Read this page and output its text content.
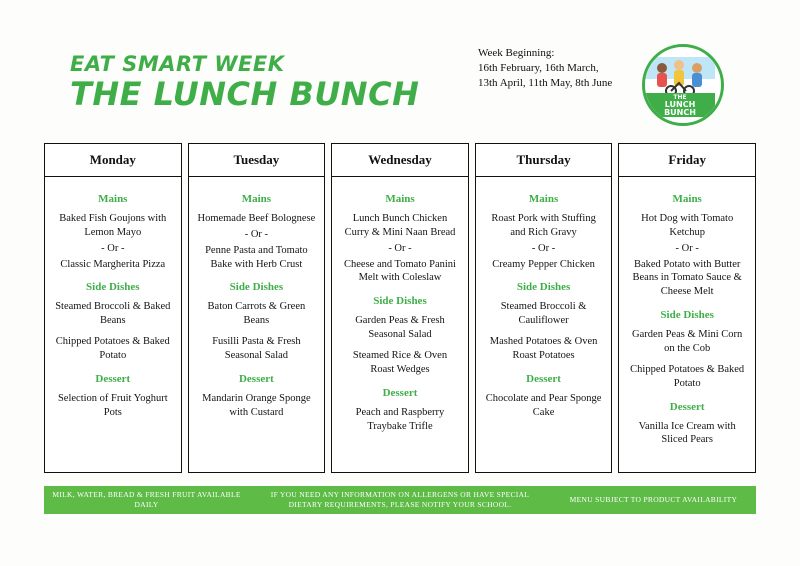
EAT SMART WEEK
THE LUNCH BUNCH
Week Beginning:
16th February, 16th March,
13th April, 11th May, 8th June
THE
LUNCH
BUNCH
Monday
Mains
Baked Fish Goujons with Lemon Mayo
- Or -
Classic Margherita Pizza
Side Dishes
Steamed Broccoli & Baked Beans
Chipped Potatoes & Baked Potato
Dessert
Selection of Fruit Yoghurt Pots
Tuesday
Mains
Homemade Beef Bolognese
- Or -
Penne Pasta and Tomato Bake with Herb Crust
Side Dishes
Baton Carrots & Green Beans
Fusilli Pasta & Fresh Seasonal Salad
Dessert
Mandarin Orange Sponge with Custard
Wednesday
Mains
Lunch Bunch Chicken Curry & Mini Naan Bread
- Or -
Cheese and Tomato Panini Melt with Coleslaw
Side Dishes
Garden Peas & Fresh Seasonal Salad
Steamed Rice & Oven Roast Wedges
Dessert
Peach and Raspberry Traybake Trifle
Thursday
Mains
Roast Pork with Stuffing and Rich Gravy
- Or -
Creamy Pepper Chicken
Side Dishes
Steamed Broccoli & Cauliflower
Mashed Potatoes & Oven Roast Potatoes
Dessert
Chocolate and Pear Sponge Cake
Friday
Mains
Hot Dog with Tomato Ketchup
- Or -
Baked Potato with Butter Beans in Tomato Sauce & Cheese Melt
Side Dishes
Garden Peas & Mini Corn on the Cob
Chipped Potatoes & Baked Potato
Dessert
Vanilla Ice Cream with Sliced Pears
MILK, WATER, BREAD & FRESH FRUIT AVAILABLE DAILY
IF YOU NEED ANY INFORMATION ON ALLERGENS OR HAVE SPECIAL DIETARY REQUIREMENTS, PLEASE NOTIFY YOUR SCHOOL.
MENU SUBJECT TO PRODUCT AVAILABILITY
